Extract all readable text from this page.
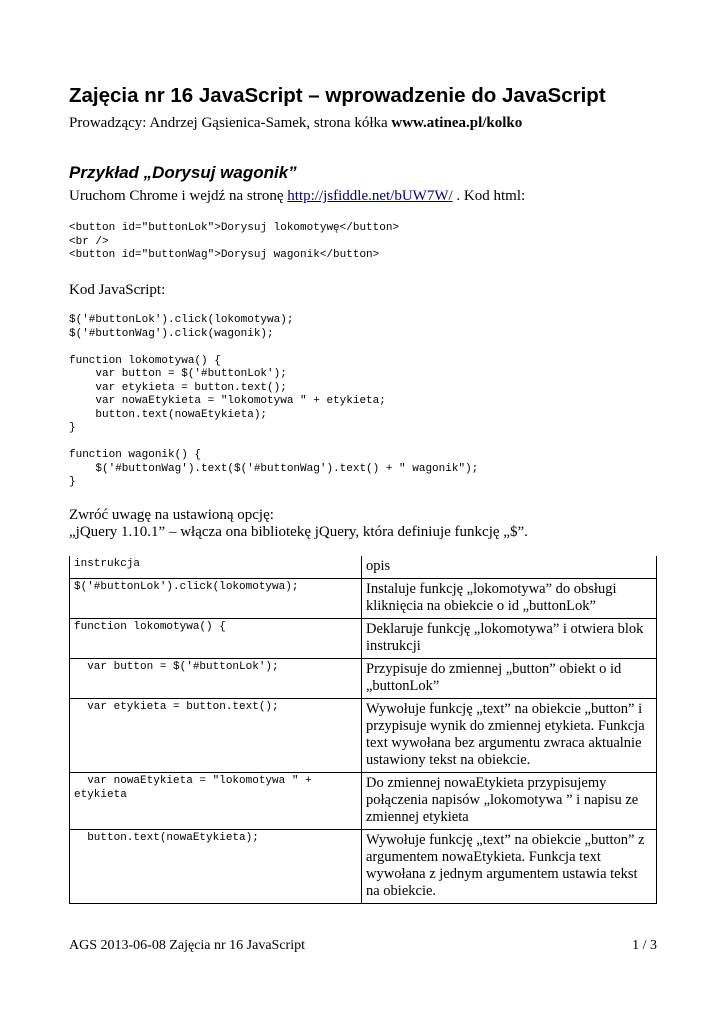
Zajęcia nr 16 JavaScript – wprowadzenie do JavaScript
Prowadzący: Andrzej Gąsienica-Samek, strona kółka www.atinea.pl/kolko
Przykład „Dorysuj wagonik”
Uruchom Chrome i wejdź na stronę http://jsfiddle.net/bUW7W/ . Kod html:
<button id="buttonLok">Dorysuj lokomotywę</button>
<br />
<button id="buttonWag">Dorysuj wagonik</button>
Kod JavaScript:
$('#buttonLok').click(lokomotywa);
$('#buttonWag').click(wagonik);

function lokomotywa() {
var button = $('#buttonLok');
var etykieta = button.text();
var nowaEtykieta = "lokomotywa " + etykieta;
button.text(nowaEtykieta);
}

function wagonik() {
$('#buttonWag').text($('#buttonWag').text() + " wagonik");
}
Zwróć uwagę na ustawioną opcję:
„jQuery 1.10.1” – włącza ona bibliotekę jQuery, która definiuje funkcję „$”.
instrukcja	opis
$('#buttonLok').click(lokomotywa);	Instaluje funkcję „lokomotywa” do obsługi kliknięcia na obiekcie o id „buttonLok”
function lokomotywa() {	Deklaruje funkcję „lokomotywa” i otwiera blok instrukcji
var button = $('#buttonLok');	Przypisuje do zmiennej „button” obiekt o id „buttonLok”
var etykieta = button.text();	Wywołuje funkcję „text” na obiekcie „button” i przypisuje wynik do zmiennej etykieta. Funkcja text wywołana bez argumentu zwraca aktualnie ustawiony tekst na obiekcie.
var nowaEtykieta = "lokomotywa " + etykieta	Do zmiennej nowaEtykieta przypisujemy połączenia napisów „lokomotywa ” i napisu ze zmiennej etykieta
button.text(nowaEtykieta);	Wywołuje funkcję „text” na obiekcie „button” z argumentem nowaEtykieta. Funkcja text wywołana z jednym argumentem ustawia tekst na obiekcie.
AGS 2013-06-08 Zajęcia nr 16 JavaScript	1 / 3
